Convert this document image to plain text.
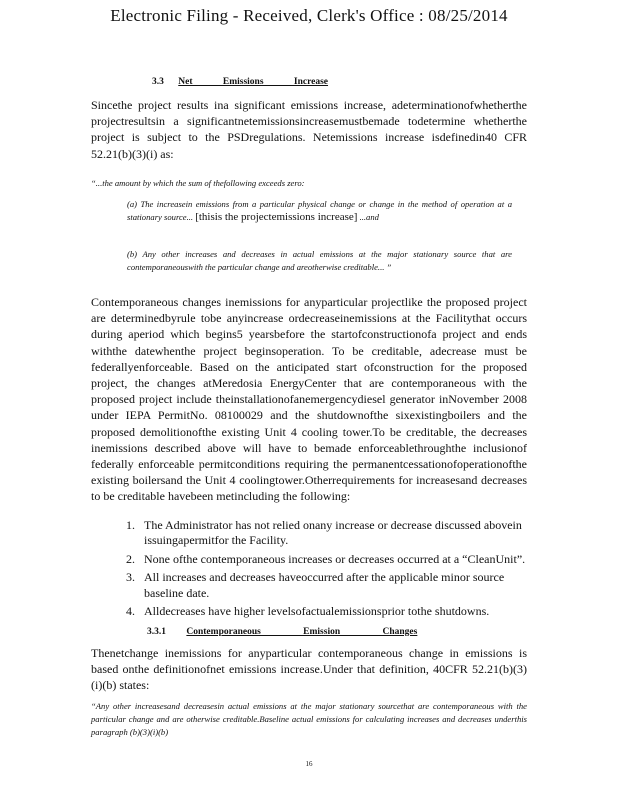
Electronic Filing - Received, Clerk's Office : 08/25/2014
3.3 Net Emissions Increase

Sincethe project results ina significant emissions increase, adeterminationofwhetherthe projectresultsin a significantnetemissionsincreasemustbemade todetermine whetherthe project is subject to the PSDregulations. Netemissions increase isdefinedin40 CFR 52.21(b)(3)(i) as:

“...the amount by which the sum of thefollowing exceeds zero:

(a) The increasein emissions from a particular physical change or change in the method of operation at a stationary source... [thisis the projectemissions increase] ...and

(b) Any other increases and decreases in actual emissions at the major stationary source that are contemporaneouswith the particular change and areotherwise creditable... ”

Contemporaneous changes inemissions for anyparticular projectlike the proposed project are determinedbyrule tobe anyincrease ordecreaseinemissions at the Facilitythat occurs during aperiod which begins5 yearsbefore the startofconstructionofa project and ends withthe datewhenthe project beginsoperation. To be creditable, adecrease must be federallyenforceable. Based on the anticipated start ofconstruction for the proposed project, the changes atMeredosia EnergyCenter that are contemporaneous with the proposed project include theinstallationofanemergencydiesel generator inNovember 2008 under IEPA PermitNo. 08100029 and the shutdownofthe sixexistingboilers and the proposed demolitionofthe existing Unit 4 cooling tower.To be creditable, the decreases inemissions described above will have to bemade enforceablethroughthe inclusionof federally enforceable permitconditions requiring the permanentcessationofoperationofthe existing boilersand the Unit 4 coolingtower.Otherrequirements for increasesand decreases to be creditable havebeen metincluding the following:

1. The Administrator has not relied onany increase or decrease discussed abovein issuingapermitfor the Facility.
2. None ofthe contemporaneous increases or decreases occurred at a “CleanUnit”.
3. All increases and decreases haveoccurred after the applicable minor source baseline date.
4. Alldecreases have higher levelsofactualemissionsprior tothe shutdowns.
3.3.1 Contemporaneous Emission Changes

Thenetchange inemissions for anyparticular contemporaneous change in emissions is based onthe definitionofnet emissions increase.Under that definition, 40CFR 52.21(b)(3)(i)(b) states:

“Any other increasesand decreasesin actual emissions at the major stationary sourcethat are contemporaneous with the particular change and are otherwise creditable.Baseline actual emissions for calculating increases and decreases underthis paragraph (b)(3)(i)(b)

16
